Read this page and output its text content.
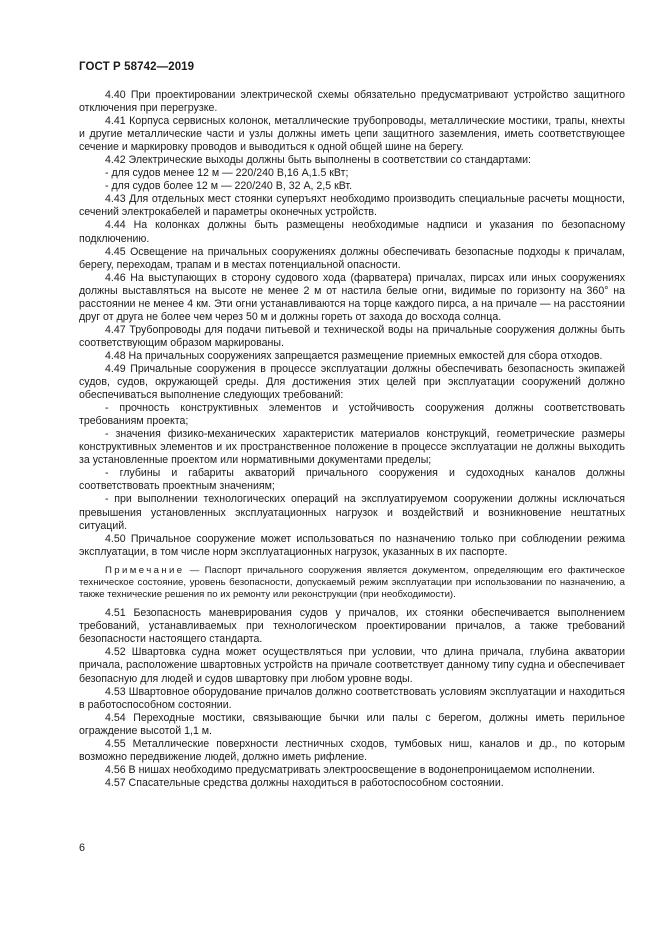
ГОСТ Р 58742—2019

4.40 При проектировании электрической схемы обязательно предусматривают устройство защитного отключения при перегрузке.

4.41 Корпуса сервисных колонок, металлические трубопроводы, металлические мостики, трапы, кнехты и другие металлические части и узлы должны иметь цепи защитного заземления, иметь соответствующее сечение и маркировку проводов и выводиться к одной общей шине на берегу.

4.42 Электрические выходы должны быть выполнены в соответствии со стандартами:

- для судов менее 12 м — 220/240 В,16 А,1.5 кВт;

- для судов более 12 м — 220/240 В, 32 А, 2,5 кВт.

4.43 Для отдельных мест стоянки суперъяхт необходимо производить специальные расчеты мощности, сечений электрокабелей и параметры оконечных устройств.

4.44 На колонках должны быть размещены необходимые надписи и указания по безопасному подключению.

4.45 Освещение на причальных сооружениях должны обеспечивать безопасные подходы к причалам, берегу, переходам, трапам и в местах потенциальной опасности.

4.46 На выступающих в сторону судового хода (фарватера) причалах, пирсах или иных сооружениях должны выставляться на высоте не менее 2 м от настила белые огни, видимые по горизонту на 360° на расстоянии не менее 4 км. Эти огни устанавливаются на торце каждого пирса, а на причале — на расстоянии друг от друга не более чем через 50 м и должны гореть от захода до восхода солнца.

4.47 Трубопроводы для подачи питьевой и технической воды на причальные сооружения должны быть соответствующим образом маркированы.

4.48 На причальных сооружениях запрещается размещение приемных емкостей для сбора отходов.

4.49 Причальные сооружения в процессе эксплуатации должны обеспечивать безопасность экипажей судов, судов, окружающей среды. Для достижения этих целей при эксплуатации сооружений должно обеспечиваться выполнение следующих требований:

- прочность конструктивных элементов и устойчивость сооружения должны соответствовать требованиям проекта;

- значения физико-механических характеристик материалов конструкций, геометрические размеры конструктивных элементов и их пространственное положение в процессе эксплуатации не должны выходить за установленные проектом или нормативными документами пределы;

- глубины и габариты акваторий причального сооружения и судоходных каналов должны соответствовать проектным значениям;

- при выполнении технологических операций на эксплуатируемом сооружении должны исключаться превышения установленных эксплуатационных нагрузок и воздействий и возникновение нештатных ситуаций.

4.50 Причальное сооружение может использоваться по назначению только при соблюдении режима эксплуатации, в том числе норм эксплуатационных нагрузок, указанных в их паспорте.

Примечание — Паспорт причального сооружения является документом, определяющим его фактическое техническое состояние, уровень безопасности, допускаемый режим эксплуатации при использовании по назначению, а также технические решения по их ремонту или реконструкции (при необходимости).

4.51 Безопасность маневрирования судов у причалов, их стоянки обеспечивается выполнением требований, устанавливаемых при технологическом проектировании причалов, а также требований безопасности настоящего стандарта.

4.52 Швартовка судна может осуществляться при условии, что длина причала, глубина акватории причала, расположение швартовных устройств на причале соответствует данному типу судна и обеспечивает безопасную для людей и судов швартовку при любом уровне воды.

4.53 Швартовное оборудование причалов должно соответствовать условиям эксплуатации и находиться в работоспособном состоянии.

4.54 Переходные мостики, связывающие бычки или палы с берегом, должны иметь перильное ограждение высотой 1,1 м.

4.55 Металлические поверхности лестничных сходов, тумбовых ниш, каналов и др., по которым возможно передвижение людей, должно иметь рифление.

4.56 В нишах необходимо предусматривать электроосвещение в водонепроницаемом исполнении.

4.57 Спасательные средства должны находиться в работоспособном состоянии.

6
